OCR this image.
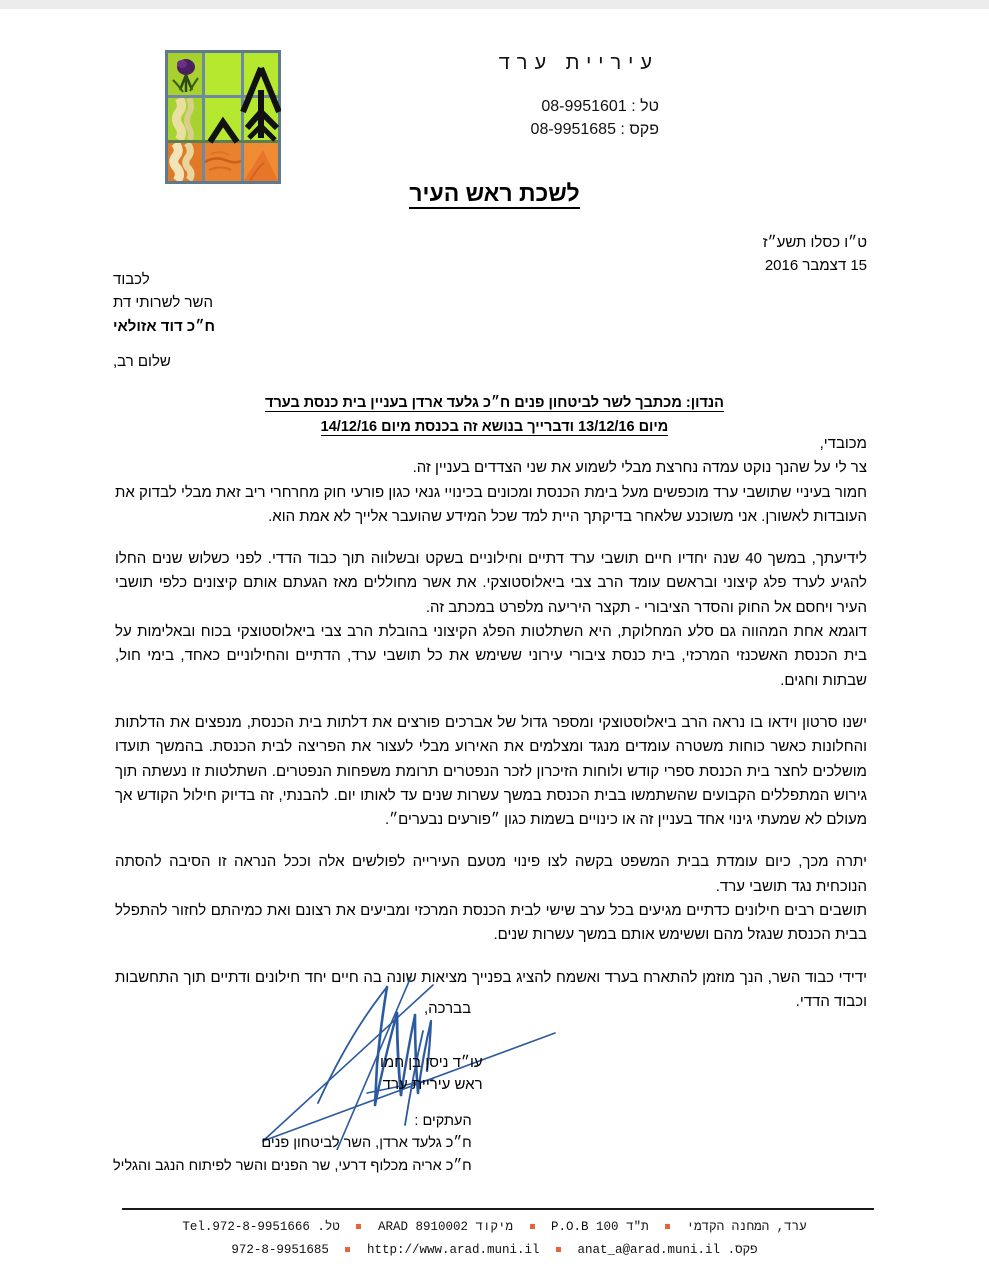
עיריית ערד
טל : 08-9951601
פקס : 08-9951685
לשכת ראש העיר
ט״ו כסלו תשע״ז
15 דצמבר 2016
לכבוד
השר לשרותי דת
ח״כ דוד אזולאי
שלום רב,
הנדון: מכתבך לשר לביטחון פנים ח״כ גלעד ארדן בעניין בית כנסת בערד
מיום 13/12/16 ודברייך בנושא זה בכנסת מיום 14/12/16

מכובדי,

צר לי על שהנך נוקט עמדה נחרצת מבלי לשמוע את שני הצדדים בעניין זה.

חמור בעיניי שתושבי ערד מוכפשים מעל בימת הכנסת ומכונים בכינויי גנאי כגון פורעי חוק מחרחרי ריב זאת מבלי לבדוק את העובדות לאשורן. אני משוכנע שלאחר בדיקתך היית למד שכל המידע שהועבר אלייך לא אמת הוא.

לידיעתך, במשך 40 שנה יחדיו חיים תושבי ערד דתיים וחילוניים בשקט ובשלווה תוך כבוד הדדי. לפני כשלוש שנים החלו להגיע לערד פלג קיצוני ובראשם עומד הרב צבי ביאלוסטוצקי. את אשר מחוללים מאז הגעתם אותם קיצונים כלפי תושבי העיר ויחסם אל החוק והסדר הציבורי - תקצר היריעה מלפרט במכתב זה.

דוגמא אחת המהווה גם סלע המחלוקת, היא השתלטות הפלג הקיצוני בהובלת הרב צבי ביאלוסטוצקי בכוח ובאלימות על בית הכנסת האשכנזי המרכזי, בית כנסת ציבורי עירוני ששימש את כל תושבי ערד, הדתיים והחילוניים כאחד, בימי חול, שבתות וחגים.

ישנו סרטון וידאו בו נראה הרב ביאלוסטוצקי ומספר גדול של אברכים פורצים את דלתות בית הכנסת, מנפצים את הדלתות והחלונות כאשר כוחות משטרה עומדים מנגד ומצלמים את האירוע מבלי לעצור את הפריצה לבית הכנסת. בהמשך תועדו מושלכים לחצר בית הכנסת ספרי קודש ולוחות הזיכרון לזכר הנפטרים תרומת משפחות הנפטרים. השתלטות זו נעשתה תוך גירוש המתפללים הקבועים שהשתמשו בבית הכנסת במשך עשרות שנים עד לאותו יום. להבנתי, זה בדיוק חילול הקודש אך מעולם לא שמעתי גינוי אחד בעניין זה או כינויים בשמות כגון ״פורעים נבערים״.

יתרה מכך, כיום עומדת בבית המשפט בקשה לצו פינוי מטעם העירייה לפולשים אלה וככל הנראה זו הסיבה להסתה הנוכחית נגד תושבי ערד.

תושבים רבים חילונים כדתיים מגיעים בכל ערב שישי לבית הכנסת המרכזי ומביעים את רצונם ואת כמיהתם לחזור להתפלל בבית הכנסת שנגזל מהם וששימש אותם במשך עשרות שנים.

ידידי כבוד השר, הנך מוזמן להתארח בערד ואשמח להציג בפנייך מציאות שונה בה חיים יחד חילונים ודתיים תוך התחשבות וכבוד הדדי.

בברכה,
עו״ד ניסן בן חמו
ראש עיריית ערד
העתקים :
ח״כ גלעד ארדן, השר לביטחון פנים
ח״כ אריה מכלוף דרעי, שר הפנים והשר לפיתוח הנגב והגליל
ערד, המחנה הקדמי  ת"ד P.O.B 100  מיקוד ARAD 8910002  טל. Tel.972-8-9951666
פקס. 972-8-9951685	http://www.arad.muni.il	anat_a@arad.muni.il
